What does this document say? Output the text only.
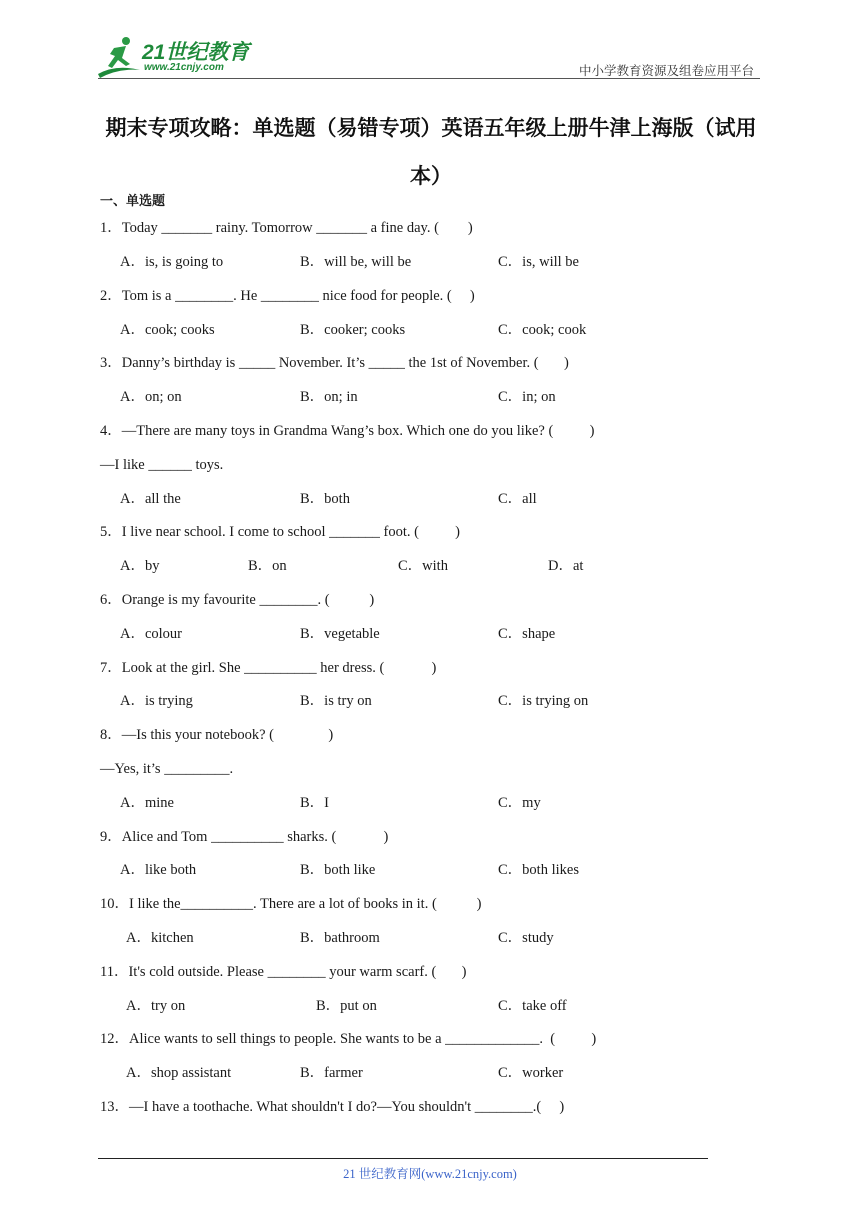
21世纪教育
www.21cnjy.com	中小学教育资源及组卷应用平台
期末专项攻略：单选题（易错专项）英语五年级上册牛津上海版（试用本）
一、单选题
1．Today _______ rainy. Tomorrow _______ a fine day. (        )
A．is, is going to	B．will be, will be	C．is, will be
2．Tom is a ________. He ________ nice food for people. (     )
A．cook; cooks	B．cooker; cooks	C．cook; cook
3．Danny’s birthday is _____ November. It’s _____ the 1st of November. (       )
A．on; on	B．on; in	C．in; on
4．—There are many toys in Grandma Wang’s box. Which one do you like? (          )
—I like ______ toys.
A．all the	B．both	C．all
5．I live near school. I come to school _______ foot. (          )
A．by	B．on	C．with	D．at
6．Orange is my favourite ________. (           )
A．colour	B．vegetable	C．shape
7．Look at the girl. She __________ her dress. (             )
A．is trying	B．is try on	C．is trying on
8．—Is this your notebook? (               )
—Yes, it’s _________.
A．mine	B．I	C．my
9．Alice and Tom __________ sharks. (             )
A．like both	B．both like	C．both likes
10．I like the__________. There are a lot of books in it. (           )
A．kitchen	B．bathroom	C．study
11．It's cold outside. Please ________ your warm scarf. (       )
A．try on	B．put on	C．take off
12．Alice wants to sell things to people. She wants to be a _____________.  (          )
A．shop assistant	B．farmer	C．worker
13．—I have a toothache. What shouldn't I do?—You shouldn't ________.(     )
21 世纪教育网(www.21cnjy.com)
